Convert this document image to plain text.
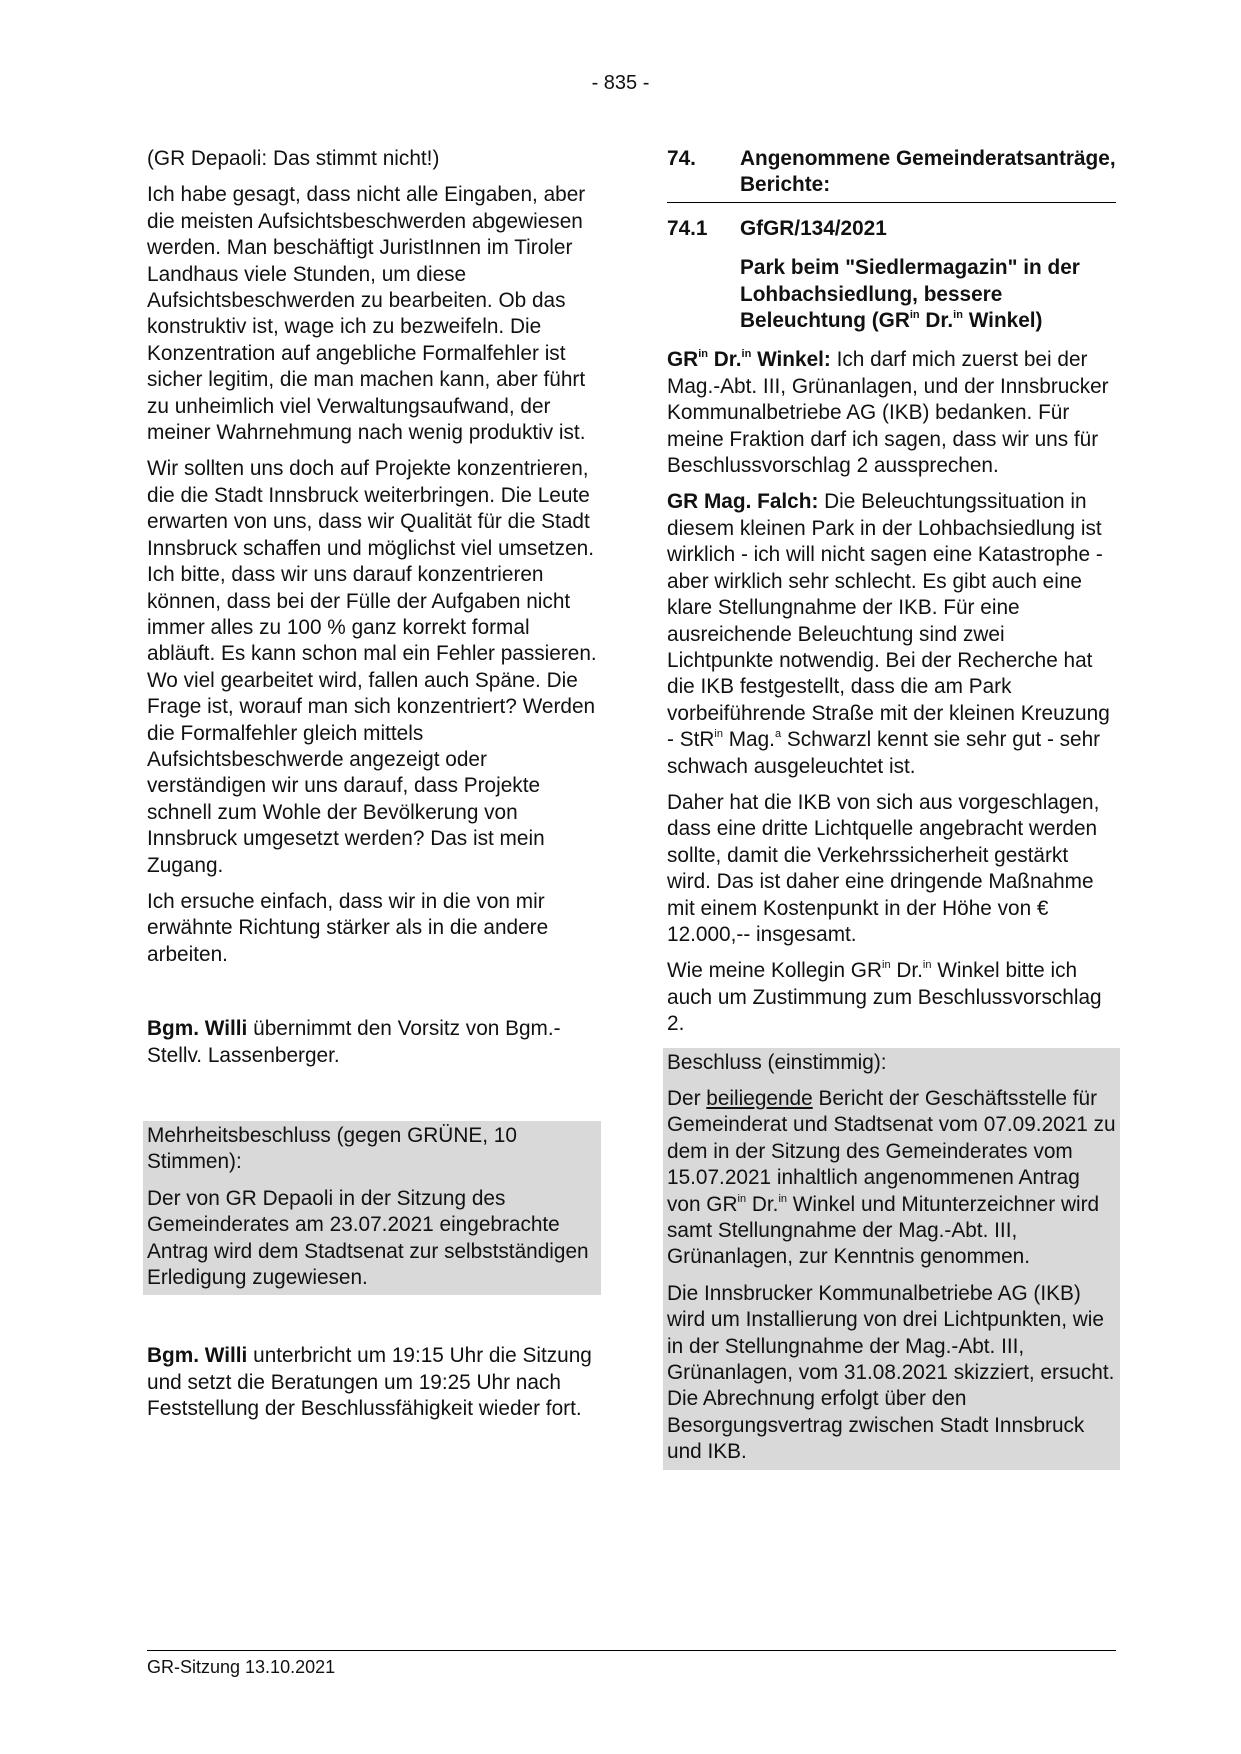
- 835 -

(GR Depaoli: Das stimmt nicht!)

Ich habe gesagt, dass nicht alle Eingaben, aber die meisten Aufsichtsbeschwerden abgewiesen werden. Man beschäftigt JuristInnen im Tiroler Landhaus viele Stunden, um diese Aufsichtsbeschwerden zu bearbeiten. Ob das konstruktiv ist, wage ich zu bezweifeln. Die Konzentration auf angebliche Formalfehler ist sicher legitim, die man machen kann, aber führt zu unheimlich viel Verwaltungsaufwand, der meiner Wahrnehmung nach wenig produktiv ist.

Wir sollten uns doch auf Projekte konzentrieren, die die Stadt Innsbruck weiterbringen. Die Leute erwarten von uns, dass wir Qualität für die Stadt Innsbruck schaffen und möglichst viel umsetzen. Ich bitte, dass wir uns darauf konzentrieren können, dass bei der Fülle der Aufgaben nicht immer alles zu 100 % ganz korrekt formal abläuft. Es kann schon mal ein Fehler passieren. Wo viel gearbeitet wird, fallen auch Späne. Die Frage ist, worauf man sich konzentriert? Werden die Formalfehler gleich mittels Aufsichtsbeschwerde angezeigt oder verständigen wir uns darauf, dass Projekte schnell zum Wohle der Bevölkerung von Innsbruck umgesetzt werden? Das ist mein Zugang.

Ich ersuche einfach, dass wir in die von mir erwähnte Richtung stärker als in die andere arbeiten.

Bgm. Willi übernimmt den Vorsitz von Bgm.-Stellv. Lassenberger.

Mehrheitsbeschluss (gegen GRÜNE, 10 Stimmen):

Der von GR Depaoli in der Sitzung des Gemeinderates am 23.07.2021 eingebrachte Antrag wird dem Stadtsenat zur selbstständigen Erledigung zugewiesen.

Bgm. Willi unterbricht um 19:15 Uhr die Sitzung und setzt die Beratungen um 19:25 Uhr nach Feststellung der Beschlussfähigkeit wieder fort.

74.	Angenommene Gemeinderatsanträge, Berichte:
74.1	GfGR/134/2021
Park beim "Siedlermagazin" in der Lohbachsiedlung, bessere Beleuchtung ($GR^{in}$ Dr.$^{in}$ Winkel)

$GR^{in}$ Dr.$^{in}$ Winkel: Ich darf mich zuerst bei der Mag.-Abt. III, Grünanlagen, und der Innsbrucker Kommunalbetriebe AG (IKB) bedanken. Für meine Fraktion darf ich sagen, dass wir uns für Beschlussvorschlag 2 aussprechen.

GR Mag. Falch: Die Beleuchtungssituation in diesem kleinen Park in der Lohbachsiedlung ist wirklich - ich will nicht sagen eine Katastrophe - aber wirklich sehr schlecht. Es gibt auch eine klare Stellungnahme der IKB. Für eine ausreichende Beleuchtung sind zwei Lichtpunkte notwendig. Bei der Recherche hat die IKB festgestellt, dass die am Park vorbeiführende Straße mit der kleinen Kreuzung - StR$^{in}$ Mag.$^a$ Schwarzl kennt sie sehr gut - sehr schwach ausgeleuchtet ist.

Daher hat die IKB von sich aus vorgeschlagen, dass eine dritte Lichtquelle angebracht werden sollte, damit die Verkehrssicherheit gestärkt wird. Das ist daher eine dringende Maßnahme mit einem Kostenpunkt in der Höhe von € 12.000,-- insgesamt.

Wie meine Kollegin $GR^{in}$ Dr.$^{in}$ Winkel bitte ich auch um Zustimmung zum Beschlussvorschlag 2.

Beschluss (einstimmig):

Der beiliegende Bericht der Geschäftsstelle für Gemeinderat und Stadtsenat vom 07.09.2021 zu dem in der Sitzung des Gemeinderates vom 15.07.2021 inhaltlich angenommenen Antrag von $GR^{in}$ Dr.$^{in}$ Winkel und Mitunterzeichner wird samt Stellungnahme der Mag.-Abt. III, Grünanlagen, zur Kenntnis genommen.

Die Innsbrucker Kommunalbetriebe AG (IKB) wird um Installierung von drei Lichtpunkten, wie in der Stellungnahme der Mag.-Abt. III, Grünanlagen, vom 31.08.2021 skizziert, ersucht. Die Abrechnung erfolgt über den Besorgungsvertrag zwischen Stadt Innsbruck und IKB.

GR-Sitzung 13.10.2021
